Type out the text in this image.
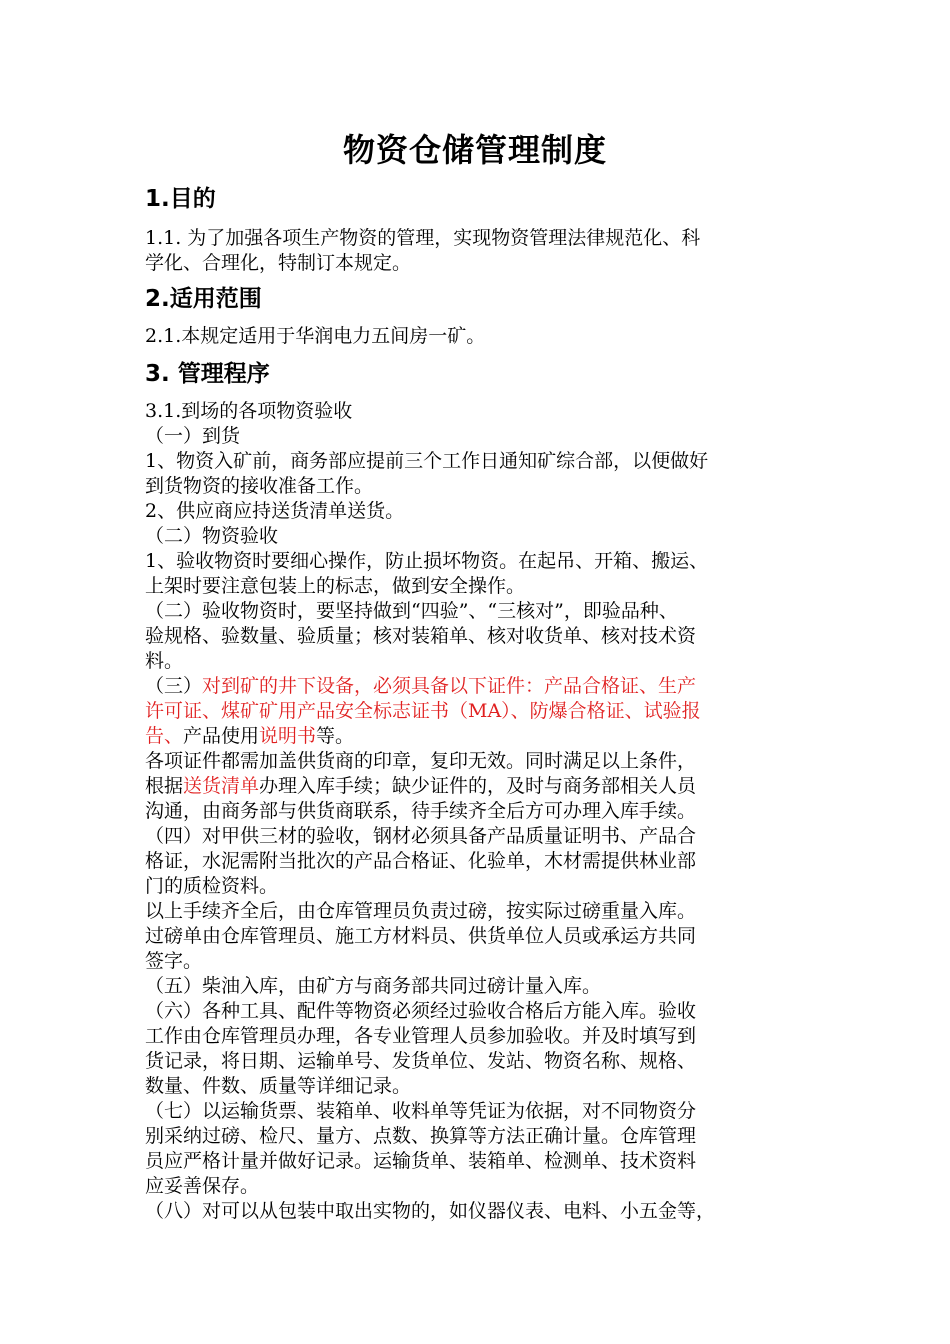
物资仓储管理制度
1.目的
1.1. 为了加强各项生产物资的管理，实现物资管理法律规范化、科
学化、合理化，特制订本规定。
2.适用范围
2.1.本规定适用于华润电力五间房一矿。
3. 管理程序
3.1.到场的各项物资验收
（一）到货
1、物资入矿前，商务部应提前三个工作日通知矿综合部，以便做好
到货物资的接收准备工作。
2、供应商应持送货清单送货。
（二）物资验收
1、验收物资时要细心操作，防止损坏物资。在起吊、开箱、搬运、
上架时要注意包装上的标志，做到安全操作。
（二）验收物资时，要坚持做到“四验”、“三核对”，即验品种、
验规格、验数量、验质量；核对装箱单、核对收货单、核对技术资
料。
（三）对到矿的井下设备，必须具备以下证件：产品合格证、生产
许可证、煤矿矿用产品安全标志证书（MA）、防爆合格证、试验报
告、产品使用说明书等。
各项证件都需加盖供货商的印章，复印无效。同时满足以上条件，
根据送货清单办理入库手续；缺少证件的，及时与商务部相关人员
沟通，由商务部与供货商联系，待手续齐全后方可办理入库手续。
（四）对甲供三材的验收，钢材必须具备产品质量证明书、产品合
格证，水泥需附当批次的产品合格证、化验单，木材需提供林业部
门的质检资料。
以上手续齐全后，由仓库管理员负责过磅，按实际过磅重量入库。
过磅单由仓库管理员、施工方材料员、供货单位人员或承运方共同
签字。
（五）柴油入库，由矿方与商务部共同过磅计量入库。
（六）各种工具、配件等物资必须经过验收合格后方能入库。验收
工作由仓库管理员办理，各专业管理人员参加验收。并及时填写到
货记录，将日期、运输单号、发货单位、发站、物资名称、规格、
数量、件数、质量等详细记录。
（七）以运输货票、装箱单、收料单等凭证为依据，对不同物资分
别采纳过磅、检尺、量方、点数、换算等方法正确计量。仓库管理
员应严格计量并做好记录。运输货单、装箱单、检测单、技术资料
应妥善保存。
（八）对可以从包装中取出实物的，如仪器仪表、电料、小五金等，
